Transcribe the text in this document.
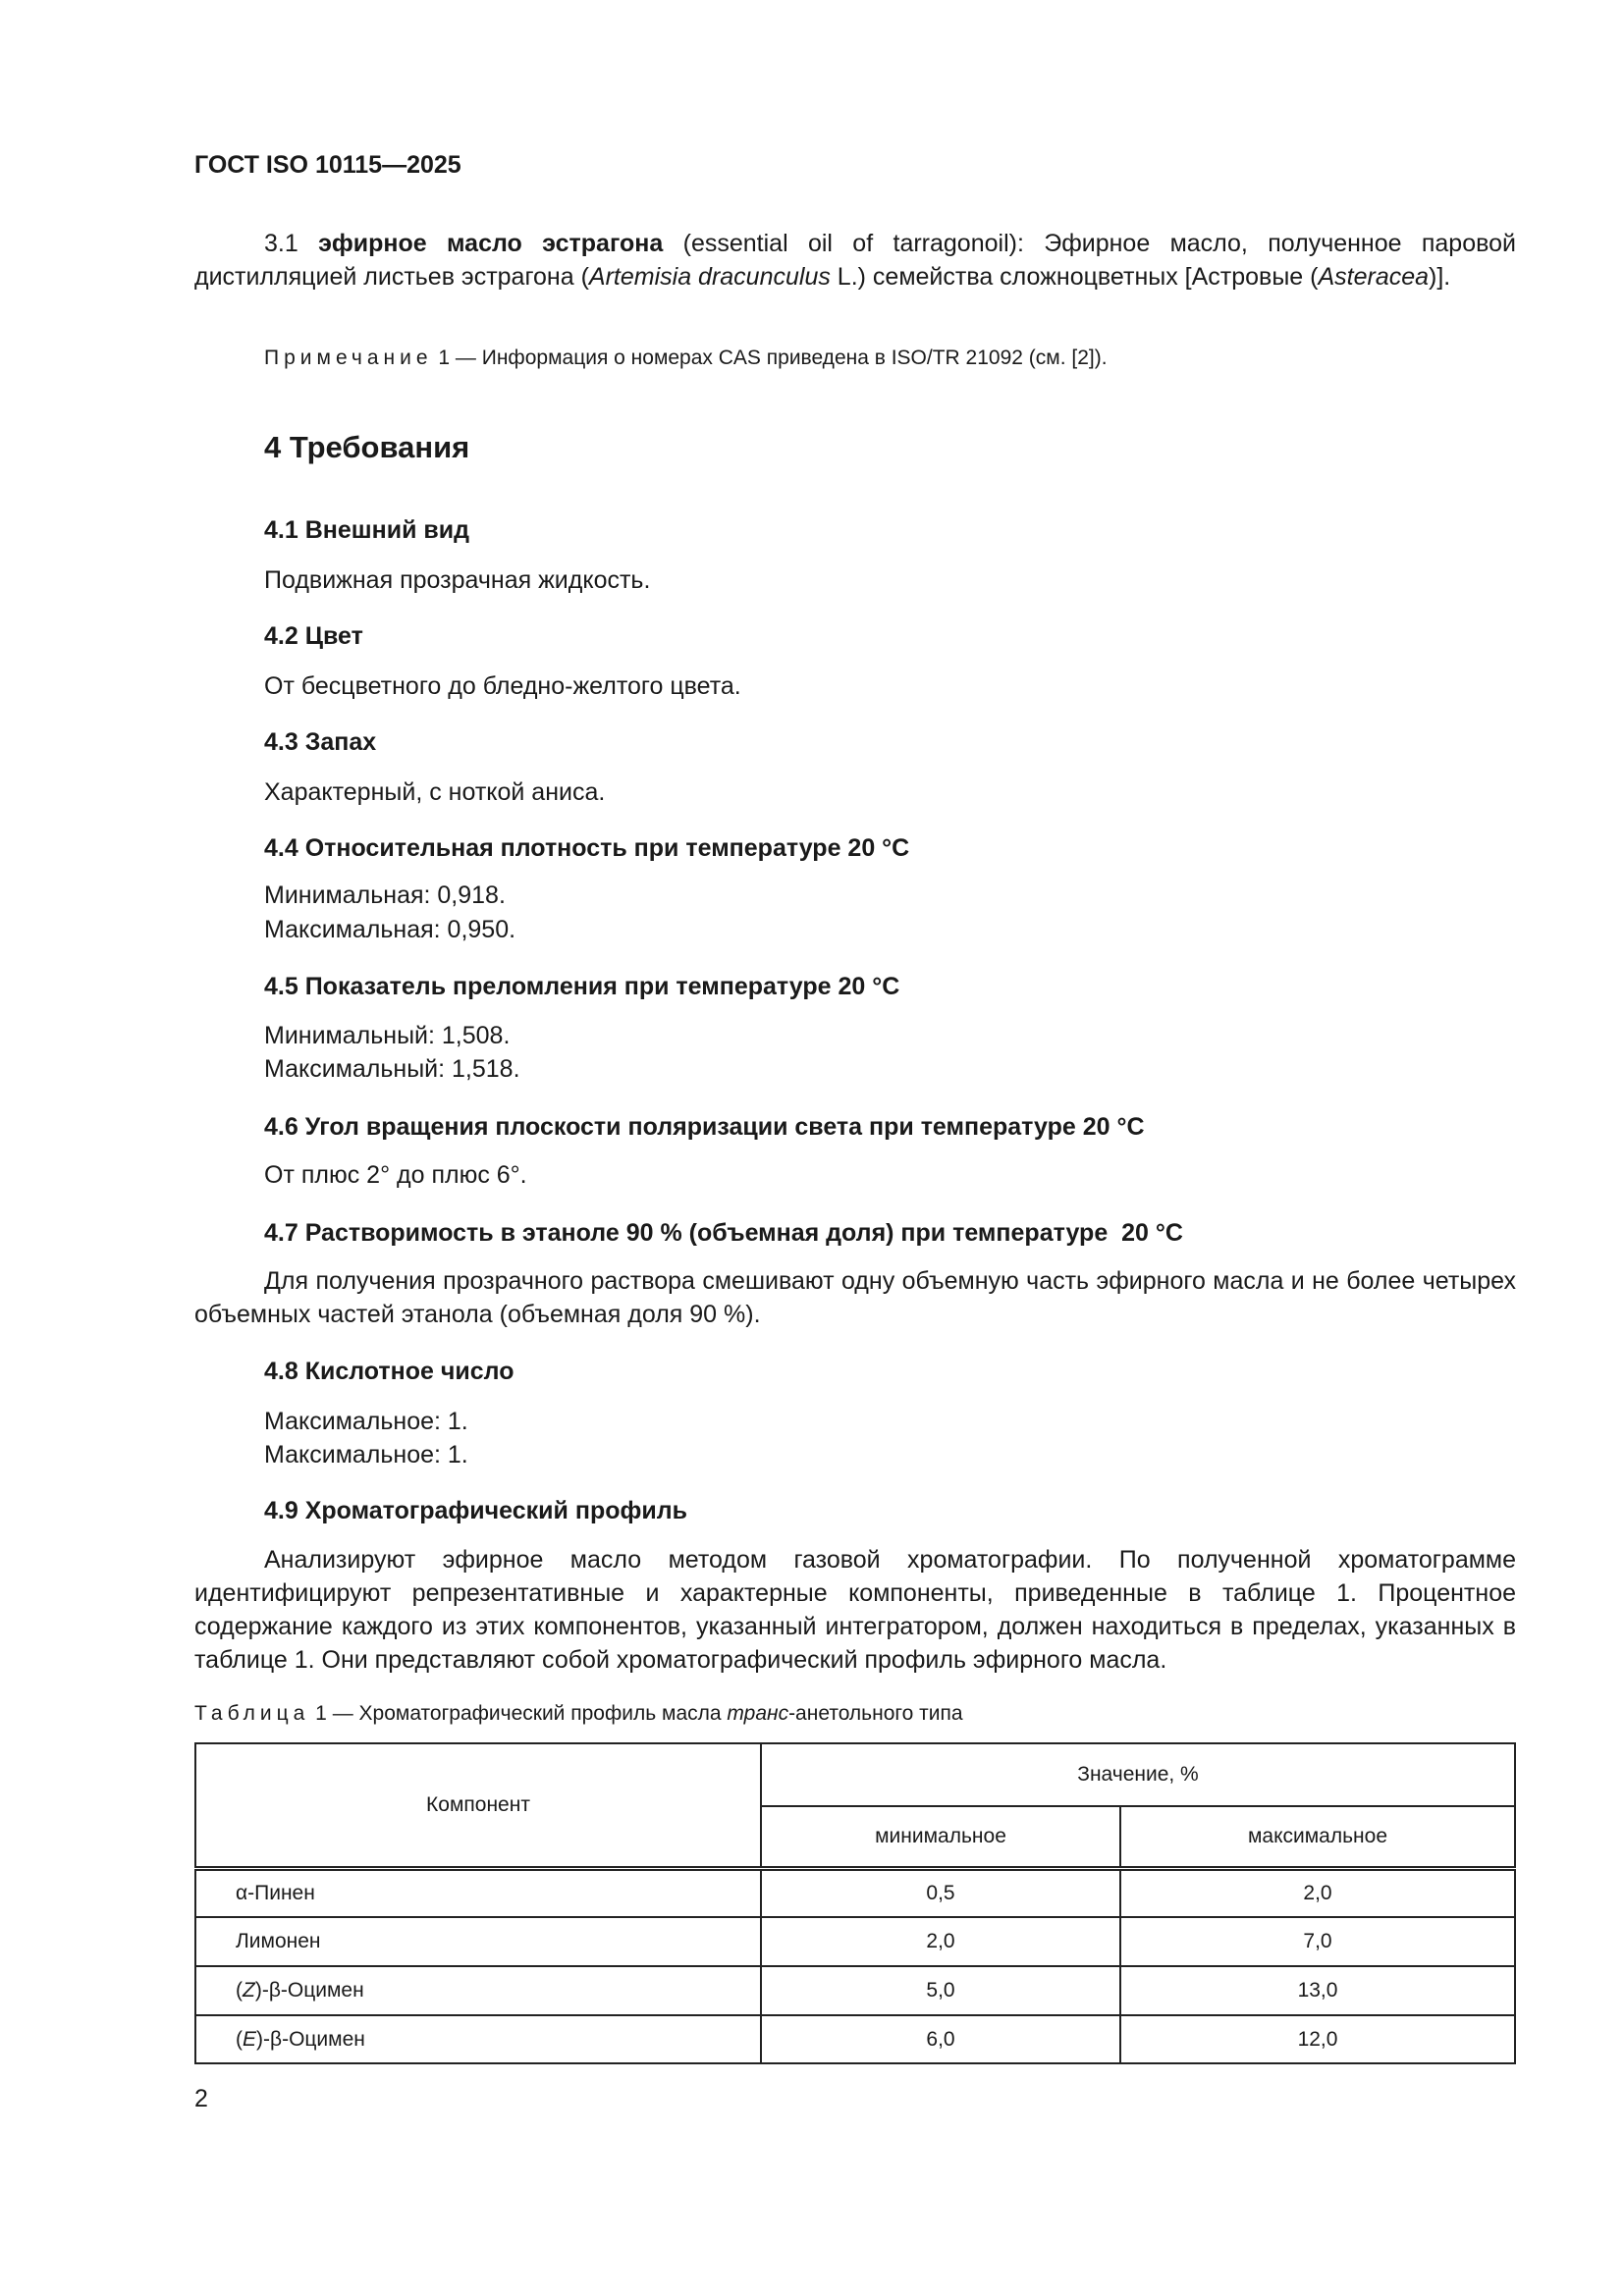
ГОСТ ISO 10115—2025
3.1 эфирное масло эстрагона (essential oil of tarragonoil): Эфирное масло, полученное паровой дистилляцией листьев эстрагона (Artemisia dracunculus L.) семейства сложноцветных [Астровые (Asteracea)].
Примечание 1 — Информация о номерах CAS приведена в ISO/TR 21092 (см. [2]).
4 Требования
4.1 Внешний вид
Подвижная прозрачная жидкость.
4.2 Цвет
От бесцветного до бледно-желтого цвета.
4.3 Запах
Характерный, с ноткой аниса.
4.4 Относительная плотность при температуре 20 °С
Минимальная: 0,918.
Максимальная: 0,950.
4.5 Показатель преломления при температуре 20 °С
Минимальный: 1,508.
Максимальный: 1,518.
4.6 Угол вращения плоскости поляризации света при температуре 20 °С
От плюс 2° до плюс 6°.
4.7 Растворимость в этаноле 90 % (объемная доля) при температуре  20 °С
Для получения прозрачного раствора смешивают одну объемную часть эфирного масла и не более четырех объемных частей этанола (объемная доля 90 %).
4.8 Кислотное число
Максимальное: 1.
Максимальное: 1.
4.9 Хроматографический профиль
Анализируют эфирное масло методом газовой хроматографии. По полученной хроматограмме идентифицируют репрезентативные и характерные компоненты, приведенные в таблице 1. Процентное содержание каждого из этих компонентов, указанный интегратором, должен находиться в пределах, указанных в таблице 1. Они представляют собой хроматографический профиль эфирного масла.
Таблица 1 — Хроматографический профиль масла транс-анетольного типа
Компонент	Значение, %	
	минимальное	максимальное
α-Пинен	0,5	2,0
Лимонен	2,0	7,0
(Z)-β-Оцимен	5,0	13,0
(E)-β-Оцимен	6,0	12,0
2
